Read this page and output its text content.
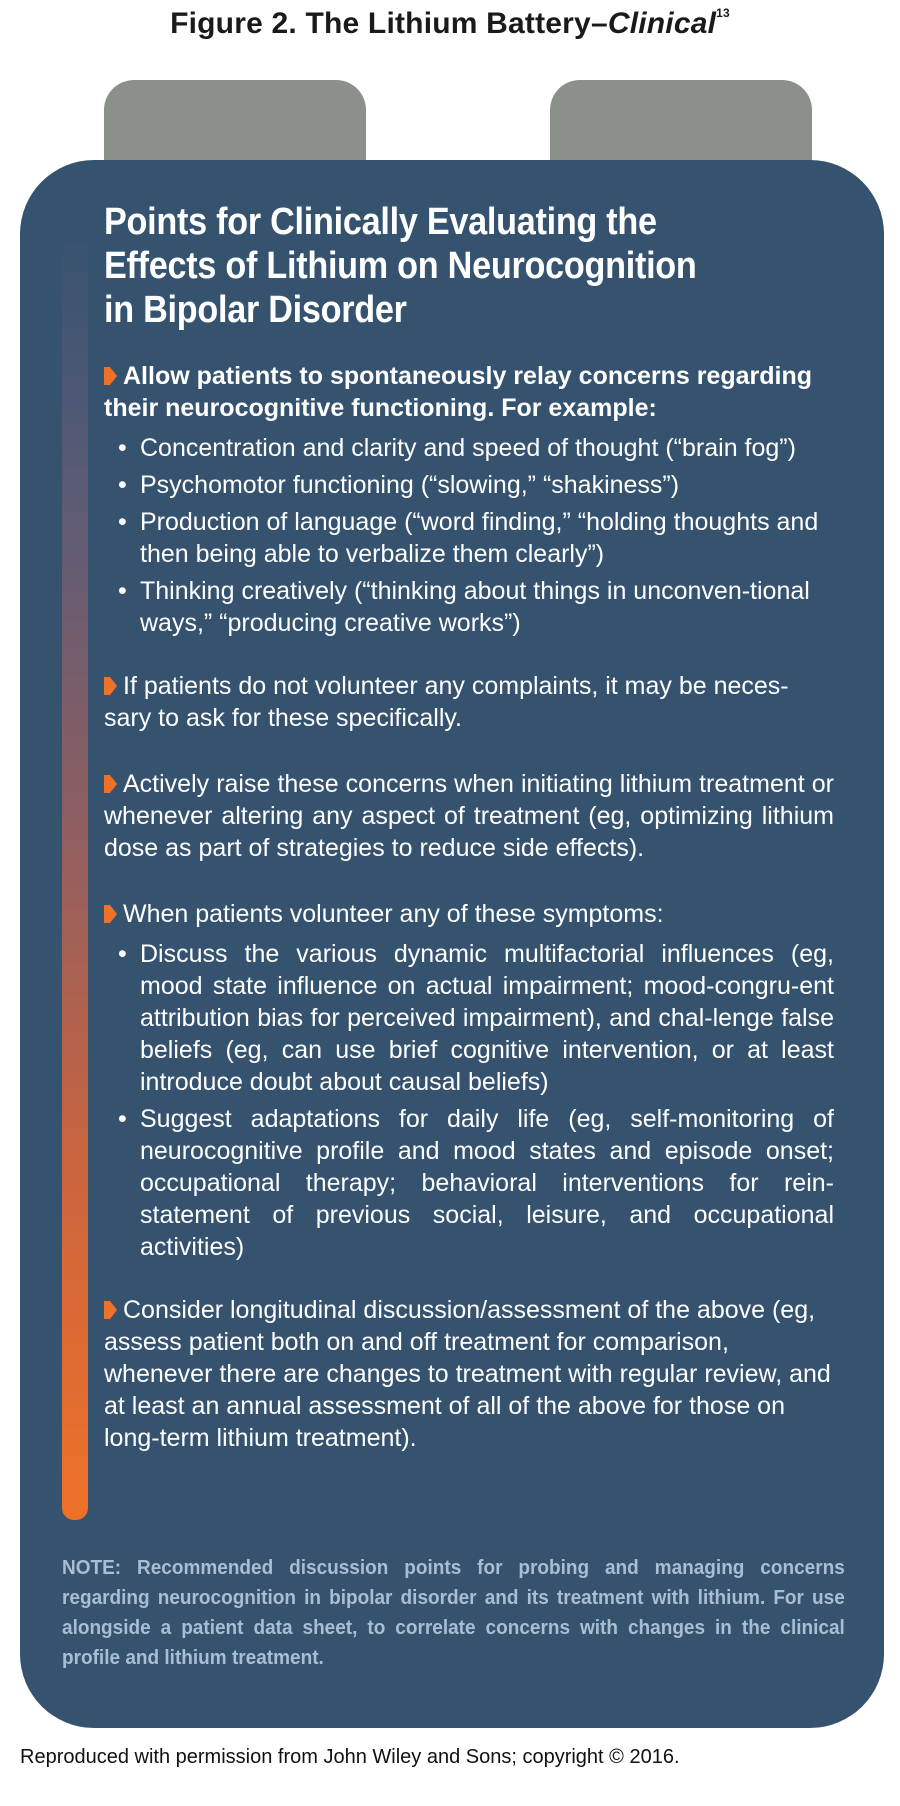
Figure 2. The Lithium Battery–Clinical$^{13}$
Points for Clinically Evaluating the
Effects of Lithium on Neurocognition
in Bipolar Disorder

Allow patients to spontaneously relay concerns regarding their neurocognitive functioning. For example:

• Concentration and clarity and speed of thought (“brain fog”)
• Psychomotor functioning (“slowing,” “shakiness”)
• Production of language (“word finding,” “holding thoughts and then being able to verbalize them clearly”)
• Thinking creatively (“thinking about things in unconven-tional ways,” “producing creative works”)

If patients do not volunteer any complaints, it may be neces-sary to ask for these specifically.

Actively raise these concerns when initiating lithium treatment or whenever altering any aspect of treatment (eg, optimizing lithium dose as part of strategies to reduce side effects).

When patients volunteer any of these symptoms:

• Discuss the various dynamic multifactorial influences (eg, mood state influence on actual impairment; mood-congru-ent attribution bias for perceived impairment), and chal-lenge false beliefs (eg, can use brief cognitive intervention, or at least introduce doubt about causal beliefs)
• Suggest adaptations for daily life (eg, self-monitoring of neurocognitive profile and mood states and episode onset; occupational therapy; behavioral interventions for rein-statement of previous social, leisure, and occupational activities)

Consider longitudinal discussion/assessment of the above (eg, assess patient both on and off treatment for comparison, whenever there are changes to treatment with regular review, and at least an annual assessment of all of the above for those on long-term lithium treatment).

NOTE: Recommended discussion points for probing and managing concerns regarding neurocognition in bipolar disorder and its treatment with lithium. For use alongside a patient data sheet, to correlate concerns with changes in the clinical profile and lithium treatment.
Reproduced with permission from John Wiley and Sons; copyright © 2016.
